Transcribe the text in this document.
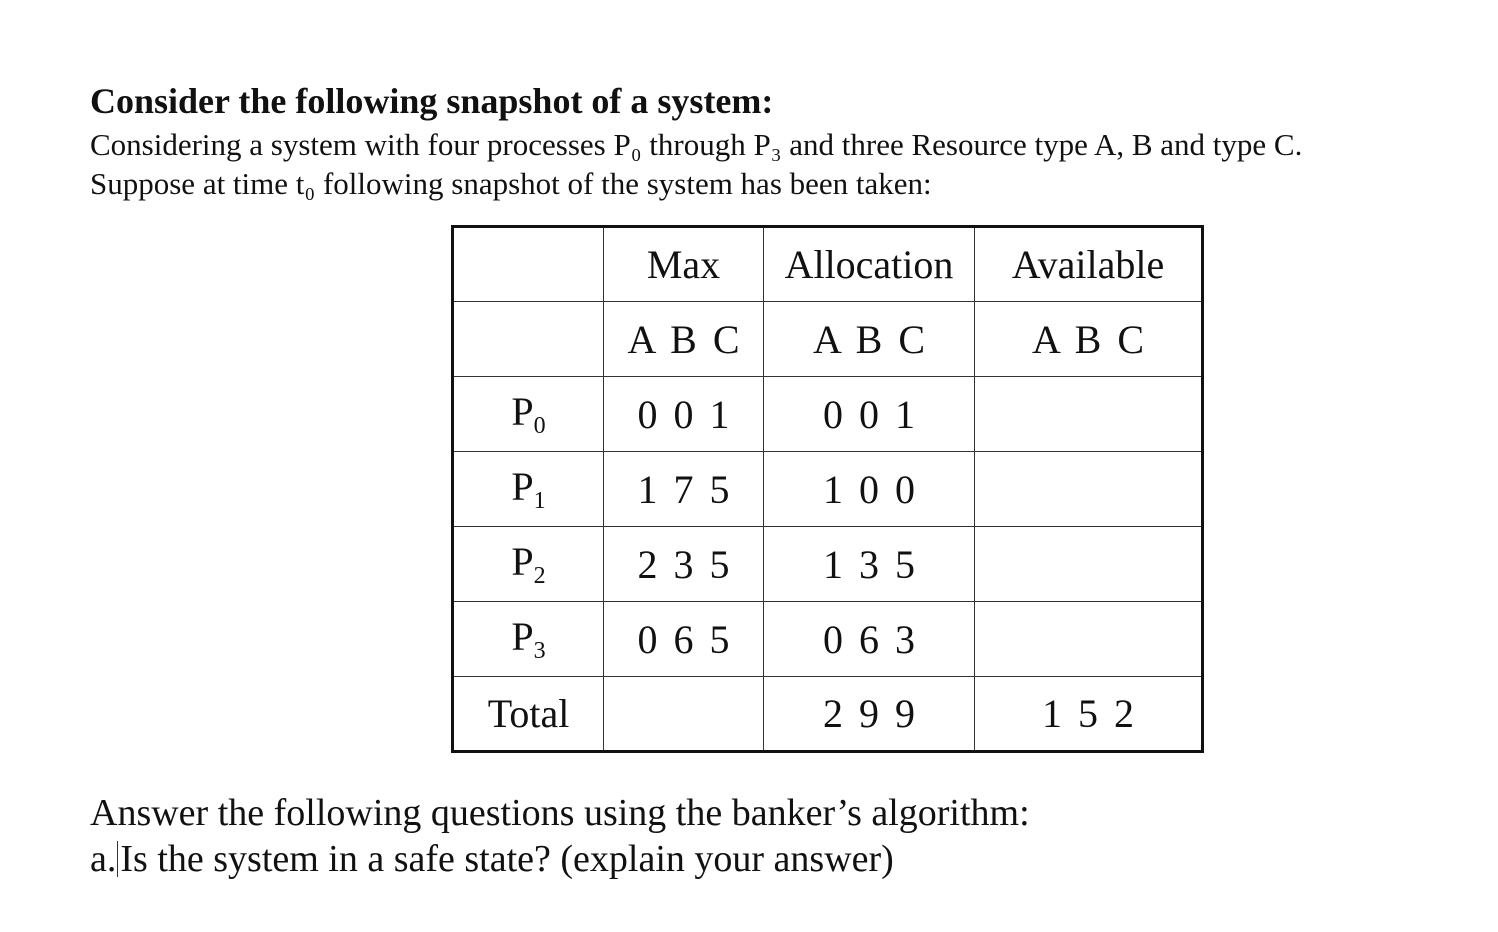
Consider the following snapshot of a system:
Considering a system with four processes P₀ through P₃ and three Resource type A, B and type C.
Suppose at time t₀ following snapshot of the system has been taken:
	Max	Allocation	Available
	A B C	A B C	A B C
$P_0$	0 0 1	0 0 1	
$P_1$	1 7 5	1 0 0	
$P_2$	2 3 5	1 3 5	
$P_3$	0 6 5	0 6 3	
Total		2 9 9	1 5 2
Answer the following questions using the banker’s algorithm:
a. Is the system in a safe state? (explain your answer)
